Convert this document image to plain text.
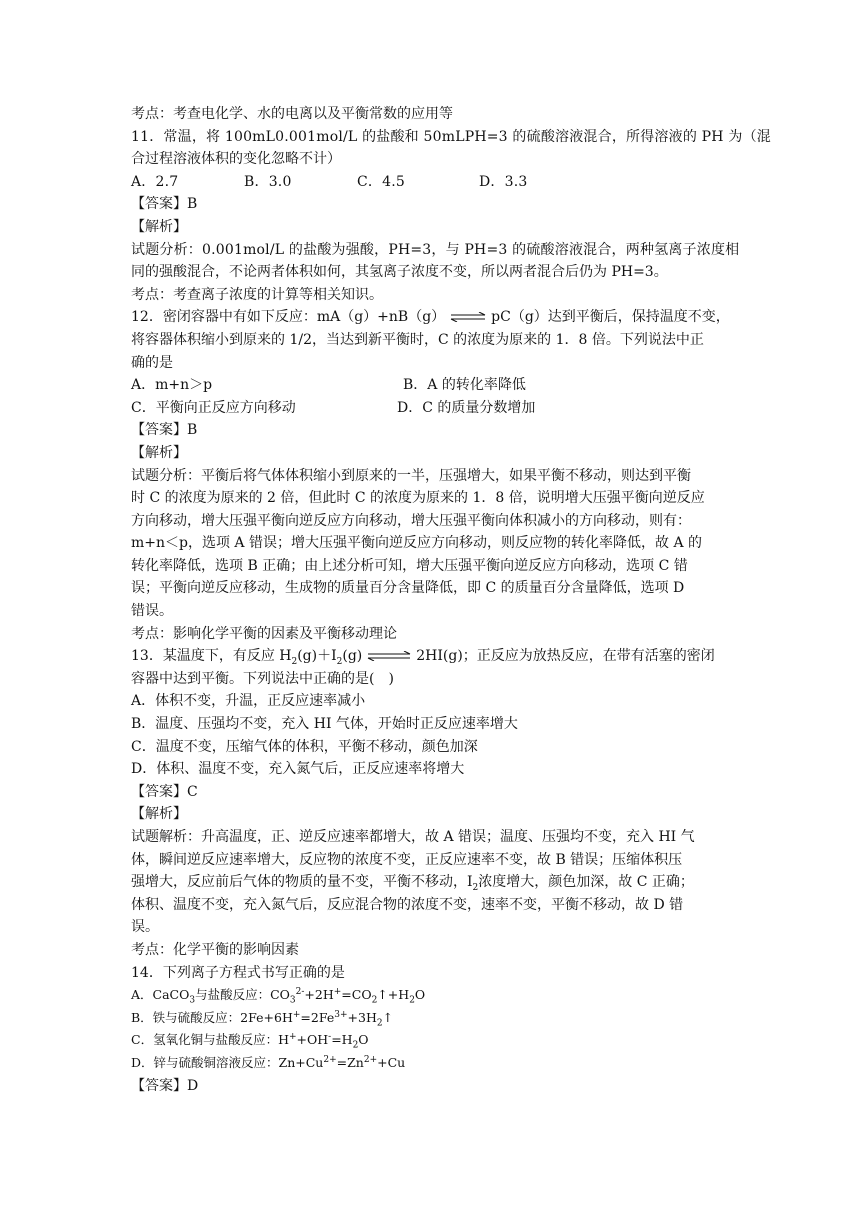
考点：考查电化学、水的电离以及平衡常数的应用等
11．常温，将 100mL0.001mol/L 的盐酸和 50mLPH=3 的硫酸溶液混合，所得溶液的 PH 为（混
合过程溶液体积的变化忽略不计）
A．2.7	B．3.0	C．4.5	D．3.3
【答案】B
【解析】
试题分析：0.001mol/L 的盐酸为强酸，PH=3，与 PH=3 的硫酸溶液混合，两种氢离子浓度相
同的强酸混合，不论两者体积如何，其氢离子浓度不变，所以两者混合后仍为 PH=3。
考点：考查离子浓度的计算等相关知识。
12．密闭容器中有如下反应：mA（g）+nB（g） ⇌ pC（g）达到平衡后，保持温度不变，
将容器体积缩小到原来的 1/2，当达到新平衡时，C 的浓度为原来的 1．8 倍。下列说法中正
确的是
A．m+n＞p	B．A 的转化率降低
C．平衡向正反应方向移动	D．C 的质量分数增加
【答案】B
【解析】
试题分析：平衡后将气体体积缩小到原来的一半，压强增大，如果平衡不移动，则达到平衡
时 C 的浓度为原来的 2 倍，但此时 C 的浓度为原来的 1．8 倍，说明增大压强平衡向逆反应
方向移动，增大压强平衡向逆反应方向移动，增大压强平衡向体积减小的方向移动，则有：
m+n＜p，选项 A 错误；增大压强平衡向逆反应方向移动，则反应物的转化率降低，故 A 的
转化率降低，选项 B 正确；由上述分析可知，增大压强平衡向逆反应方向移动，选项 C 错
误；平衡向逆反应移动，生成物的质量百分含量降低，即 C 的质量百分含量降低，选项 D
错误。
考点：影响化学平衡的因素及平衡移动理论
13．某温度下，有反应 $H_2(g)+I_2(g)$ ⇌ 2HI(g)；正反应为放热反应，在带有活塞的密闭
容器中达到平衡。下列说法中正确的是(　)
A．体积不变，升温，正反应速率减小
B．温度、压强均不变，充入 HI 气体，开始时正反应速率增大
C．温度不变，压缩气体的体积，平衡不移动，颜色加深
D．体积、温度不变，充入氮气后，正反应速率将增大
【答案】C
【解析】
试题解析：升高温度，正、逆反应速率都增大，故 A 错误；温度、压强均不变，充入 HI 气
体，瞬间逆反应速率增大，反应物的浓度不变，正反应速率不变，故 B 错误；压缩体积压
强增大，反应前后气体的物质的量不变，平衡不移动，$I_2$浓度增大，颜色加深，故 C 正确；
体积、温度不变，充入氮气后，反应混合物的浓度不变，速率不变，平衡不移动，故 D 错
误。
考点：化学平衡的影响因素
14．下列离子方程式书写正确的是
A．CaCO$_3$与盐酸反应：$CO_3^{2-}+2H^+=CO_2↑+H_2O$
B．铁与硫酸反应：$2Fe+6H^+=2Fe^{3+}+3H_2↑$
C．氢氧化铜与盐酸反应：$H^++OH^-=H_2O$
D．锌与硫酸铜溶液反应：$Zn+Cu^{2+}=Zn^{2+}+Cu$
【答案】D
